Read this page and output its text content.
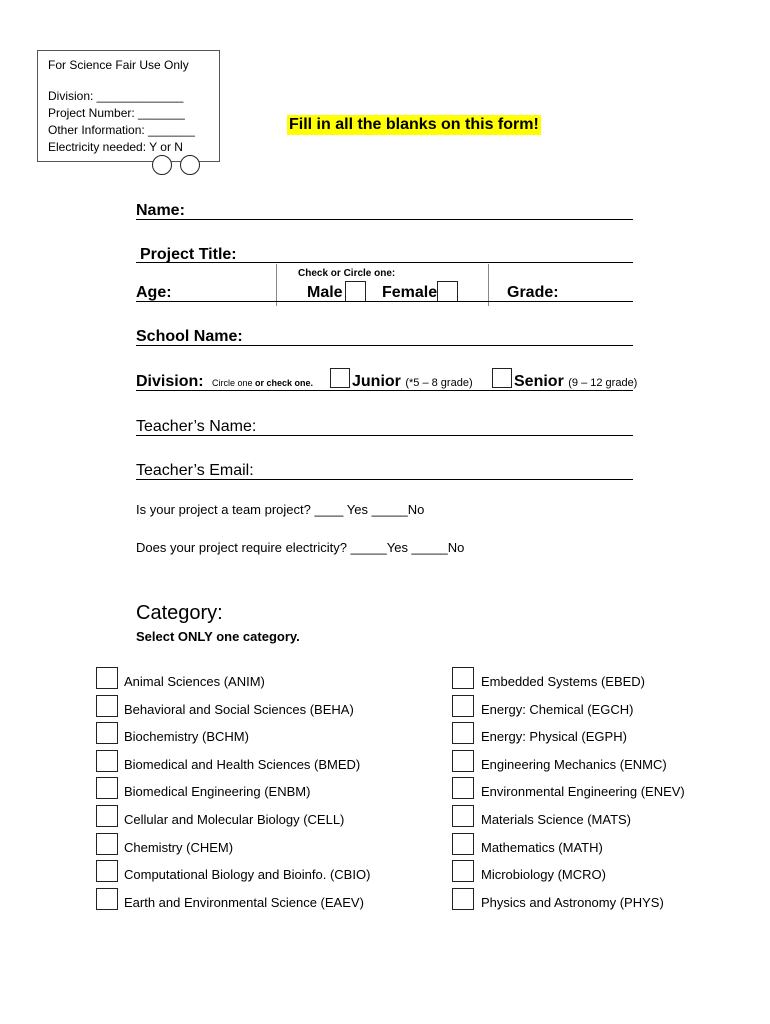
For Science Fair Use Only
Division: _____________
Project Number: _______
Other Information: _______
Electricity needed: Y or N
Fill in all the blanks on this form!
Name:
Project Title:
Check or Circle one:
Age:	Male Female	Grade:
School Name:
Division: Circle one or check one. Junior (*5 – 8 grade)	Senior (9 – 12 grade)
Teacher’s Name:
Teacher’s Email:
Is your project a team project? ____ Yes _____No
Does your project require electricity? _____Yes _____No
Category:
Select ONLY one category.
Animal Sciences (ANIM)
Behavioral and Social Sciences (BEHA)
Biochemistry (BCHM)
Biomedical and Health Sciences (BMED)
Biomedical Engineering (ENBM)
Cellular and Molecular Biology (CELL)
Chemistry (CHEM)
Computational Biology and Bioinfo. (CBIO)
Earth and Environmental Science (EAEV)
Embedded Systems (EBED)
Energy: Chemical (EGCH)
Energy: Physical (EGPH)
Engineering Mechanics (ENMC)
Environmental Engineering (ENEV)
Materials Science (MATS)
Mathematics (MATH)
Microbiology (MCRO)
Physics and Astronomy (PHYS)
